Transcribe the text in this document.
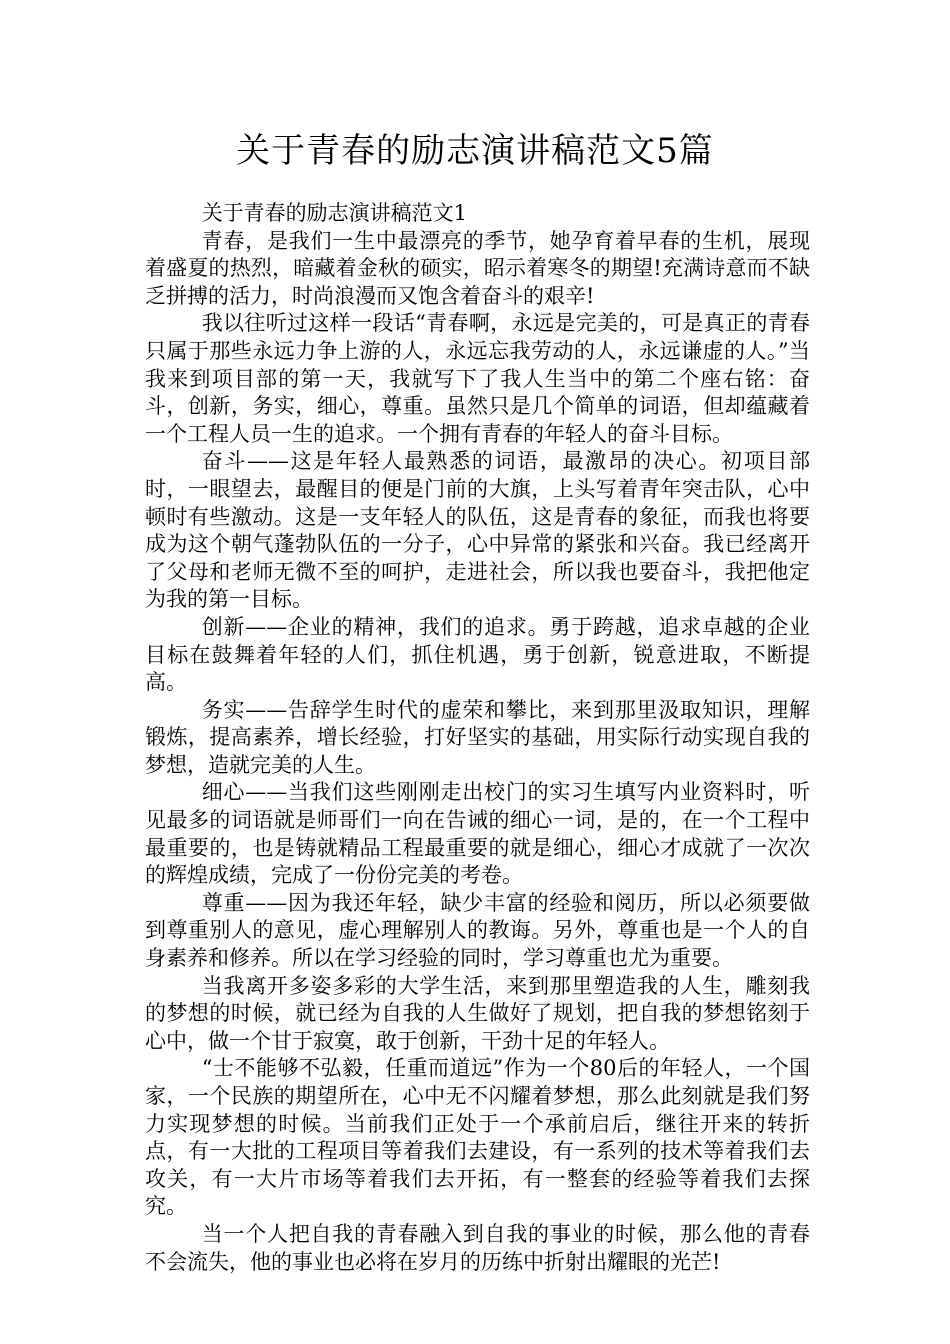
关于青春的励志演讲稿范文5篇

关于青春的励志演讲稿范文1

青春，是我们一生中最漂亮的季节，她孕育着早春的生机，展现着盛夏的热烈，暗藏着金秋的硕实，昭示着寒冬的期望!充满诗意而不缺乏拼搏的活力，时尚浪漫而又饱含着奋斗的艰辛!

我以往听过这样一段话“青春啊，永远是完美的，可是真正的青春只属于那些永远力争上游的人，永远忘我劳动的人，永远谦虚的人。”当我来到项目部的第一天，我就写下了我人生当中的第二个座右铭：奋斗，创新，务实，细心，尊重。虽然只是几个简单的词语，但却蕴藏着一个工程人员一生的追求。一个拥有青春的年轻人的奋斗目标。

奋斗——这是年轻人最熟悉的词语，最激昂的决心。初项目部时，一眼望去，最醒目的便是门前的大旗，上头写着青年突击队，心中顿时有些激动。这是一支年轻人的队伍，这是青春的象征，而我也将要成为这个朝气蓬勃队伍的一分子，心中异常的紧张和兴奋。我已经离开了父母和老师无微不至的呵护，走进社会，所以我也要奋斗，我把他定为我的第一目标。

创新——企业的精神，我们的追求。勇于跨越，追求卓越的企业目标在鼓舞着年轻的人们，抓住机遇，勇于创新，锐意进取，不断提高。

务实——告辞学生时代的虚荣和攀比，来到那里汲取知识，理解锻炼，提高素养，增长经验，打好坚实的基础，用实际行动实现自我的梦想，造就完美的人生。

细心——当我们这些刚刚走出校门的实习生填写内业资料时，听见最多的词语就是师哥们一向在告诫的细心一词，是的，在一个工程中最重要的，也是铸就精品工程最重要的就是细心，细心才成就了一次次的辉煌成绩，完成了一份份完美的考卷。

尊重——因为我还年轻，缺少丰富的经验和阅历，所以必须要做到尊重别人的意见，虚心理解别人的教诲。另外，尊重也是一个人的自身素养和修养。所以在学习经验的同时，学习尊重也尤为重要。

当我离开多姿多彩的大学生活，来到那里塑造我的人生，雕刻我的梦想的时候，就已经为自我的人生做好了规划，把自我的梦想铭刻于心中，做一个甘于寂寞，敢于创新，干劲十足的年轻人。

“士不能够不弘毅，任重而道远”作为一个80后的年轻人，一个国家，一个民族的期望所在，心中无不闪耀着梦想，那么此刻就是我们努力实现梦想的时候。当前我们正处于一个承前启后，继往开来的转折点，有一大批的工程项目等着我们去建设，有一系列的技术等着我们去攻关，有一大片市场等着我们去开拓，有一整套的经验等着我们去探究。

当一个人把自我的青春融入到自我的事业的时候，那么他的青春不会流失，他的事业也必将在岁月的历练中折射出耀眼的光芒!
